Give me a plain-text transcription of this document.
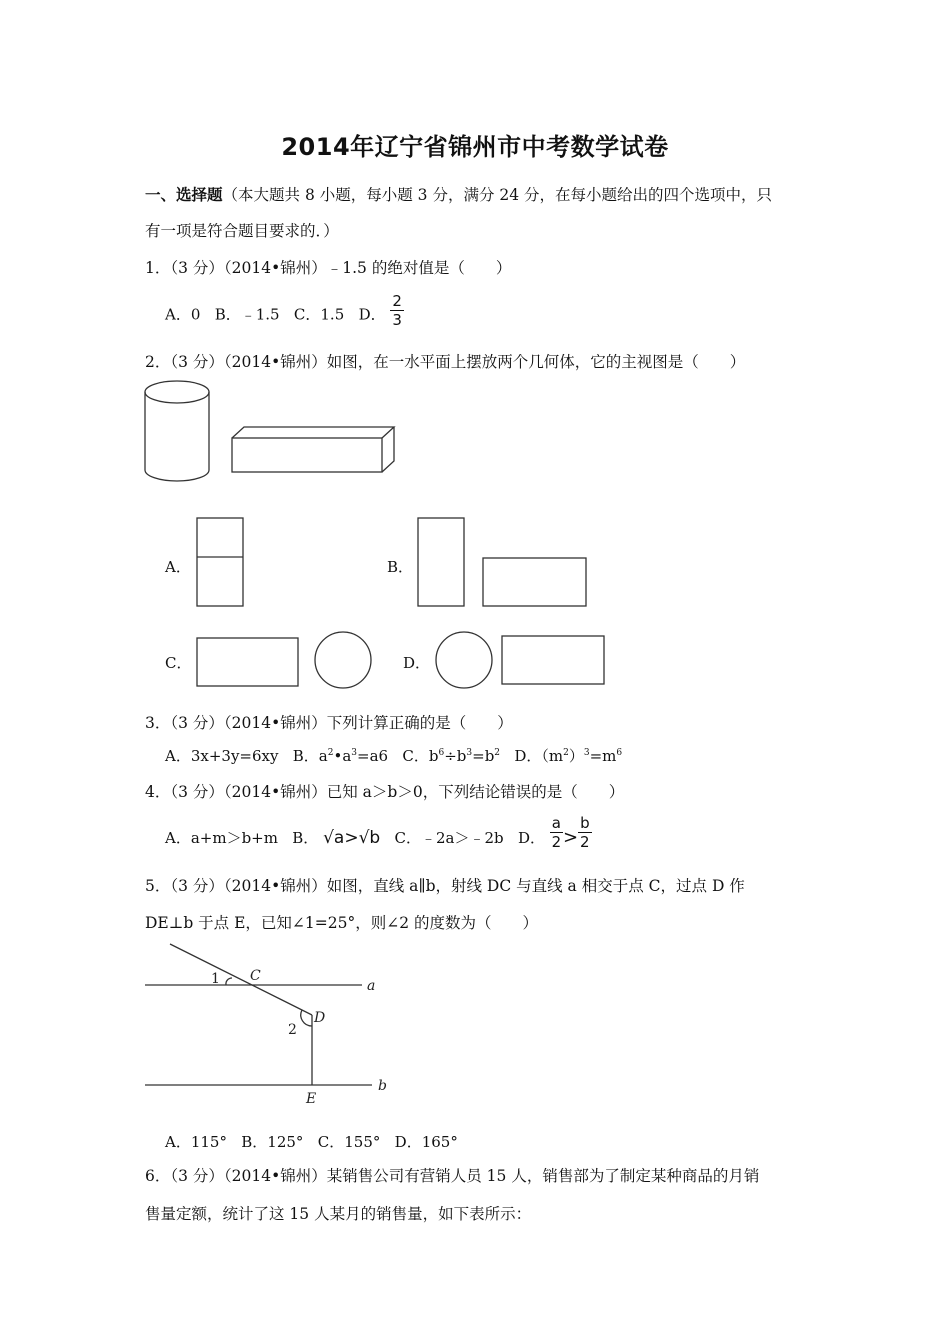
2014年辽宁省锦州市中考数学试卷
一、选择题（本大题共 8 小题，每小题 3 分，满分 24 分，在每小题给出的四个选项中，只
有一项是符合题目要求的．）
1．（3 分）（2014•锦州）﹣1.5 的绝对值是（　　）
A．0 B．﹣1.5 C．1.5 D． $\frac{2}{3}$
2．（3 分）（2014•锦州）如图，在一水平面上摆放两个几何体，它的主视图是（　　）
A．	B．
C．	D．
3．（3 分）（2014•锦州）下列计算正确的是（　　）
A．3x+3y=6xy B．$a^2•a^3=a6$ C．$b^6\div b^3=b^2$ D．$(m^2)^3=m^6$
4．（3 分）（2014•锦州）已知 a＞b＞0，下列结论错误的是（　　）
A．a+m＞b+m B． √a>√b C．﹣2a＞﹣2b D． $\frac{a}{2} > \frac{b}{2}$
5．（3 分）（2014•锦州）如图，直线 a∥b，射线 DC 与直线 a 相交于点 C，过点 D 作
DE⊥b 于点 E，已知∠1=25°，则∠2 的度数为（　　）
1 C
a
D
2
b
E
A．115° B．125° C．155° D．165°
6．（3 分）（2014•锦州）某销售公司有营销人员 15 人，销售部为了制定某种商品的月销
售量定额，统计了这 15 人某月的销售量，如下表所示：
